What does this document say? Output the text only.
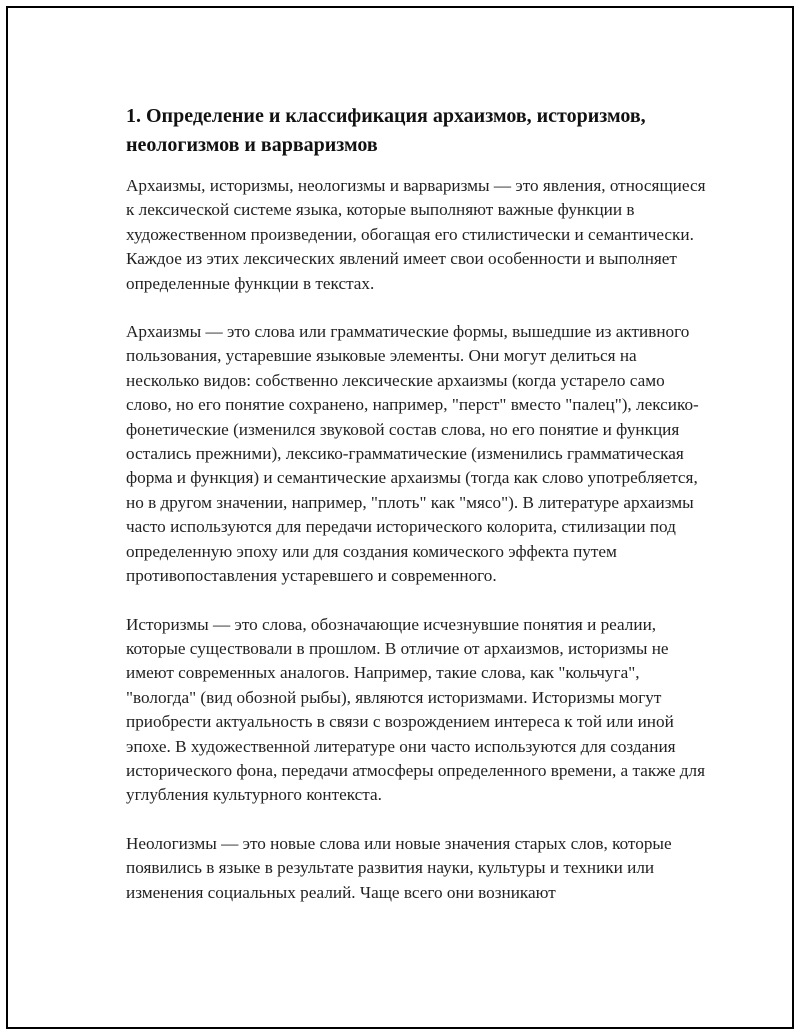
1. Определение и классификация архаизмов, историзмов, неологизмов и варваризмов

Архаизмы, историзмы, неологизмы и варваризмы — это явления, относящиеся к лексической системе языка, которые выполняют важные функции в художественном произведении, обогащая его стилистически и семантически. Каждое из этих лексических явлений имеет свои особенности и выполняет определенные функции в текстах.

Архаизмы — это слова или грамматические формы, вышедшие из активного пользования, устаревшие языковые элементы. Они могут делиться на несколько видов: собственно лексические архаизмы (когда устарело само слово, но его понятие сохранено, например, "перст" вместо "палец"), лексико-фонетические (изменился звуковой состав слова, но его понятие и функция остались прежними), лексико-грамматические (изменились грамматическая форма и функция) и семантические архаизмы (тогда как слово употребляется, но в другом значении, например, "плоть" как "мясо"). В литературе архаизмы часто используются для передачи исторического колорита, стилизации под определенную эпоху или для создания комического эффекта путем противопоставления устаревшего и современного.

Историзмы — это слова, обозначающие исчезнувшие понятия и реалии, которые существовали в прошлом. В отличие от архаизмов, историзмы не имеют современных аналогов. Например, такие слова, как "кольчуга", "вологда" (вид обозной рыбы), являются историзмами. Историзмы могут приобрести актуальность в связи с возрождением интереса к той или иной эпохе. В художественной литературе они часто используются для создания исторического фона, передачи атмосферы определенного времени, а также для углубления культурного контекста.

Неологизмы — это новые слова или новые значения старых слов, которые появились в языке в результате развития науки, культуры и техники или изменения социальных реалий. Чаще всего они возникают
